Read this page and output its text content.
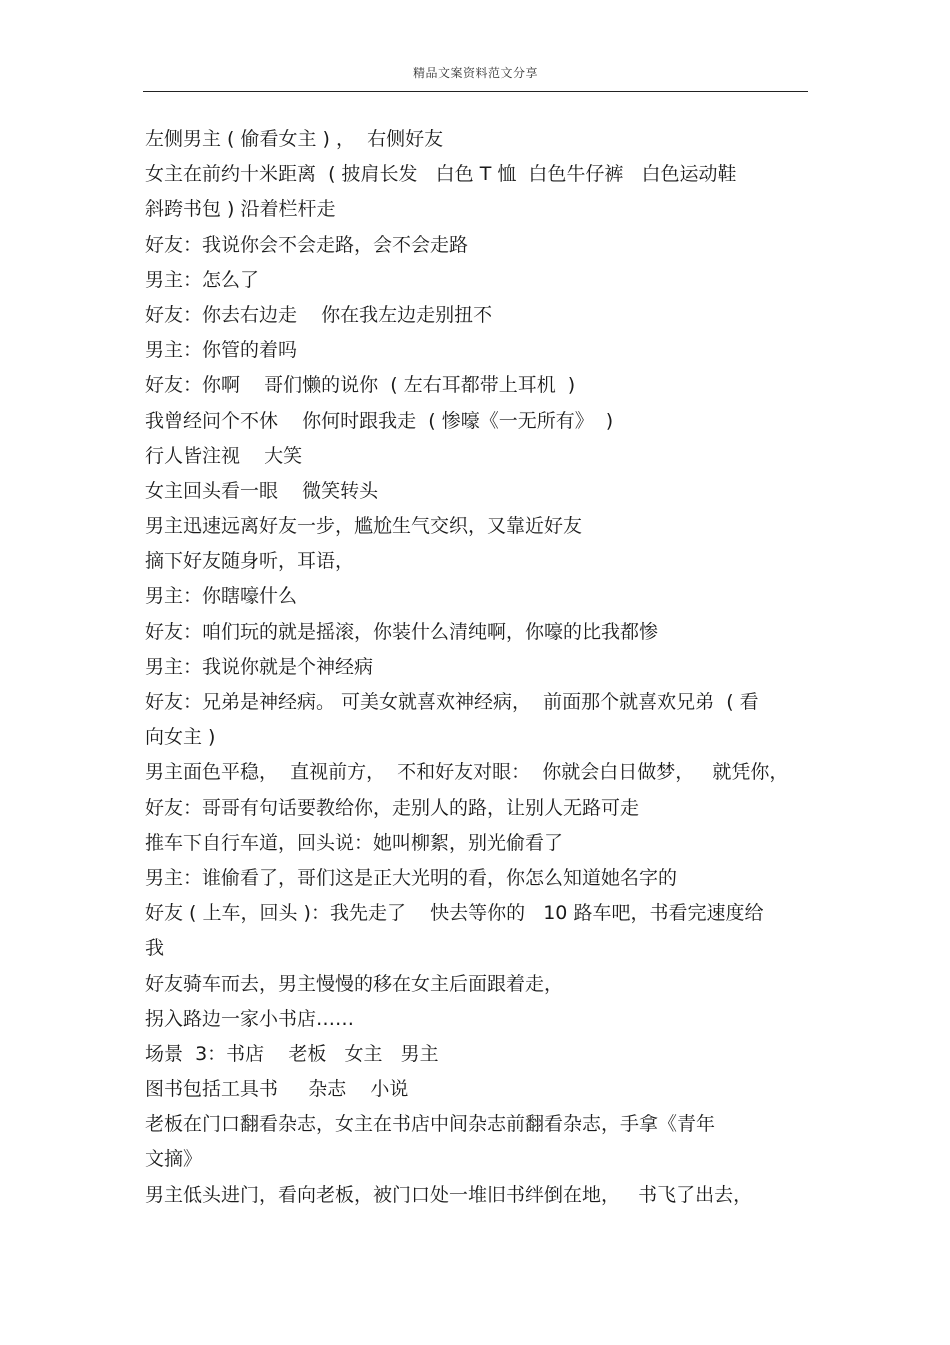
精品文案资料范文分享
左侧男主 ( 偷看女主 ) ，  右侧好友
女主在前约十米距离  ( 披肩长发   白色 T 恤  白色牛仔裤   白色运动鞋
斜跨书包 ) 沿着栏杆走
好友：我说你会不会走路，会不会走路
男主：怎么了
好友：你去右边走    你在我左边走别扭不
男主：你管的着吗
好友：你啊    哥们懒的说你  ( 左右耳都带上耳机  )
我曾经问个不休    你何时跟我走  ( 惨嚎《一无所有》  )
行人皆注视    大笑
女主回头看一眼    微笑转头
男主迅速远离好友一步，尴尬生气交织，又靠近好友
摘下好友随身听，耳语，
男主：你瞎嚎什么
好友：咱们玩的就是摇滚，你装什么清纯啊，你嚎的比我都惨
男主：我说你就是个神经病
好友：兄弟是神经病。 可美女就喜欢神经病，  前面那个就喜欢兄弟  ( 看
向女主 )
男主面色平稳，  直视前方，  不和好友对眼：  你就会白日做梦，   就凭你，
好友：哥哥有句话要教给你，走别人的路，让别人无路可走
推车下自行车道，回头说：她叫柳絮，别光偷看了
男主：谁偷看了，哥们这是正大光明的看，你怎么知道她名字的
好友 ( 上车，回头 )：我先走了    快去等你的   10 路车吧，书看完速度给
我
好友骑车而去，男主慢慢的移在女主后面跟着走，
拐入路边一家小书店……
场景  3：书店    老板   女主   男主
图书包括工具书     杂志    小说
老板在门口翻看杂志，女主在书店中间杂志前翻看杂志，手拿《青年
文摘》
男主低头进门，看向老板，被门口处一堆旧书绊倒在地，   书飞了出去，
